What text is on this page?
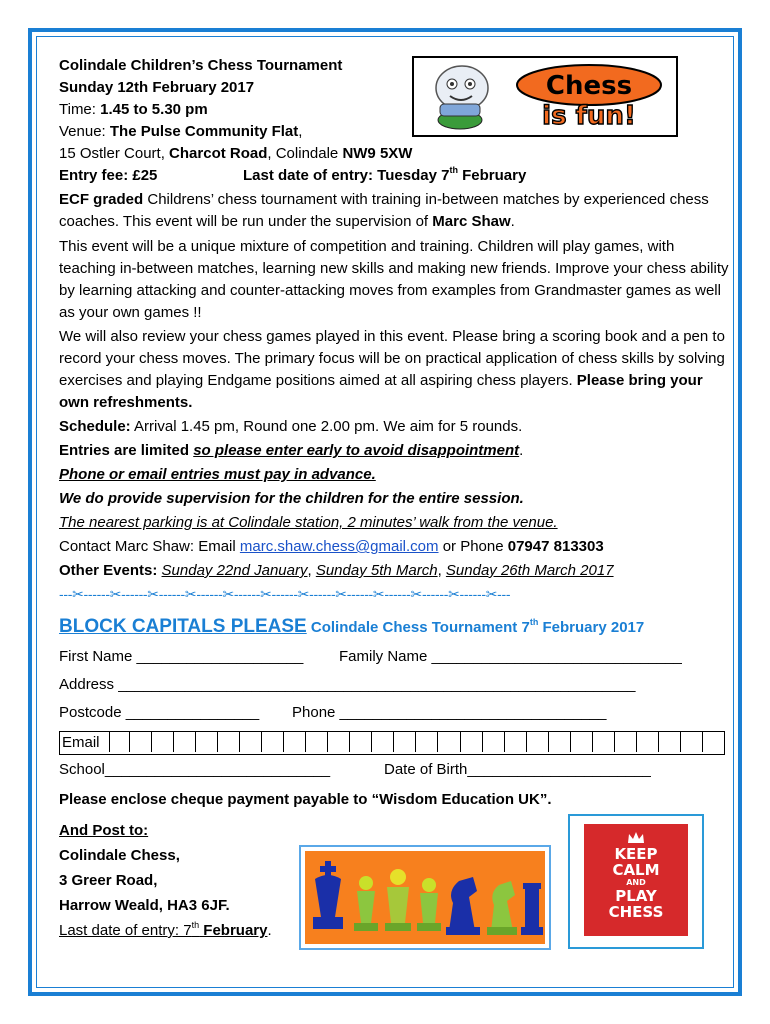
Chess
is fun!
Colindale Children’s Chess Tournament
Sunday 12th February 2017
Time: 1.45 to 5.30 pm
Venue: The Pulse Community Flat,
15 Ostler Court, Charcot Road, Colindale NW9 5XW
Entry fee: £25	Last date of entry: Tuesday 7th February
ECF graded Childrens’ chess tournament with training in-between matches by experienced chess coaches. This event will be run under the supervision of Marc Shaw.
This event will be a unique mixture of competition and training. Children will play games, with teaching in-between matches, learning new skills and making new friends. Improve your chess ability by learning attacking and counter-attacking moves from examples from Grandmaster games as well as your own games !!
We will also review your chess games played in this event. Please bring a scoring book and a pen to record your chess moves. The primary focus will be on practical application of chess skills by solving exercises and playing Endgame positions aimed at all aspiring chess players. Please bring your own refreshments.
Schedule: Arrival 1.45 pm, Round one 2.00 pm. We aim for 5 rounds.
Entries are limited so please enter early to avoid disappointment.
Phone or email entries must pay in advance.
We do provide supervision for the children for the entire session.
The nearest parking is at Colindale station, 2 minutes’ walk from the venue.
Contact Marc Shaw: Email marc.shaw.chess@gmail.com or Phone 07947 813303
Other Events: Sunday 22nd January, Sunday 5th March, Sunday 26th March 2017
---✂------✂------✂------✂------✂------✂------✂------✂------✂------✂------✂------✂---
BLOCK CAPITALS PLEASE Colindale Chess Tournament 7th February 2017
First Name ____________________ Family Name ______________________________
Address ______________________________________________________________
Postcode ________________ Phone ________________________________
Email
School___________________________	Date of Birth______________________
Please enclose cheque payment payable to “Wisdom Education UK”.
And Post to:
Colindale Chess,
3 Greer Road,
Harrow Weald, HA3 6JF.
Last date of entry: 7th February.
KEEP
CALM
AND
PLAY
CHESS
